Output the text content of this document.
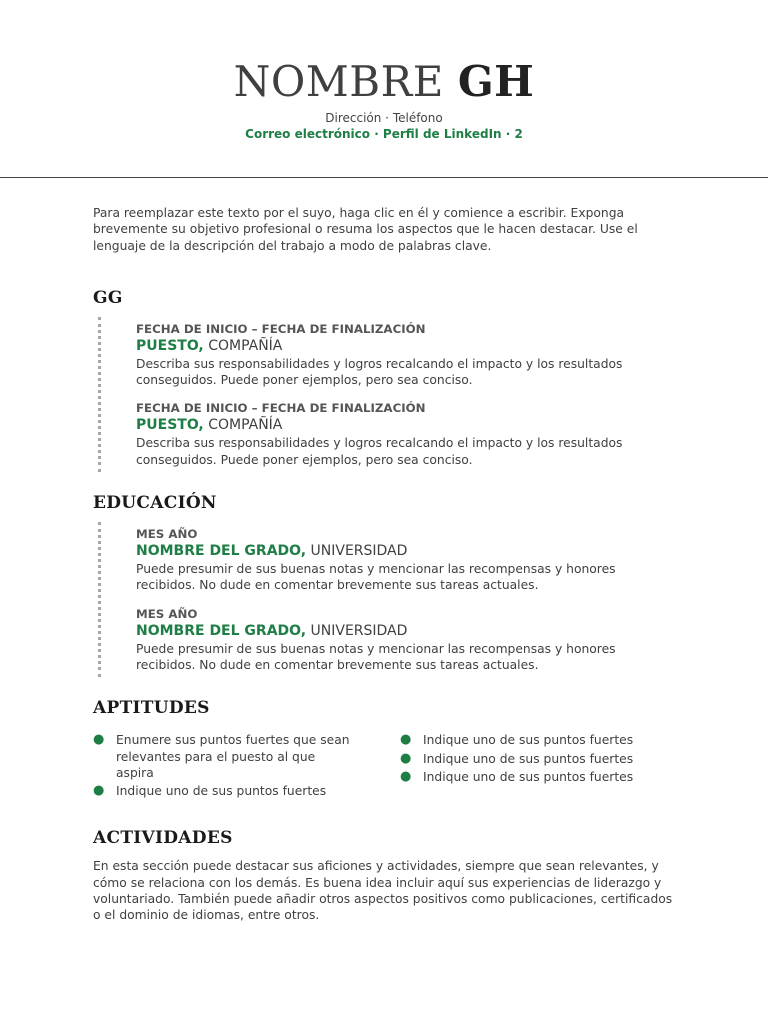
NOMBRE GH
Dirección · Teléfono
Correo electrónico · Perfil de LinkedIn · 2

Para reemplazar este texto por el suyo, haga clic en él y comience a escribir. Exponga brevemente su objetivo profesional o resuma los aspectos que le hacen destacar. Use el lenguaje de la descripción del trabajo a modo de palabras clave.

GG
FECHA DE INICIO – FECHA DE FINALIZACIÓN
PUESTO, COMPAÑÍA
Describa sus responsabilidades y logros recalcando el impacto y los resultados conseguidos. Puede poner ejemplos, pero sea conciso.
FECHA DE INICIO – FECHA DE FINALIZACIÓN
PUESTO, COMPAÑÍA
Describa sus responsabilidades y logros recalcando el impacto y los resultados conseguidos. Puede poner ejemplos, pero sea conciso.
EDUCACIÓN
MES AÑO
NOMBRE DEL GRADO, UNIVERSIDAD
Puede presumir de sus buenas notas y mencionar las recompensas y honores recibidos. No dude en comentar brevemente sus tareas actuales.
MES AÑO
NOMBRE DEL GRADO, UNIVERSIDAD
Puede presumir de sus buenas notas y mencionar las recompensas y honores recibidos. No dude en comentar brevemente sus tareas actuales.
APTITUDES
● Enumere sus puntos fuertes que sean relevantes para el puesto al que aspira
● Indique uno de sus puntos fuertes
● Indique uno de sus puntos fuertes
● Indique uno de sus puntos fuertes
● Indique uno de sus puntos fuertes
ACTIVIDADES

En esta sección puede destacar sus aficiones y actividades, siempre que sean relevantes, y cómo se relaciona con los demás. Es buena idea incluir aquí sus experiencias de liderazgo y voluntariado. También puede añadir otros aspectos positivos como publicaciones, certificados o el dominio de idiomas, entre otros.
